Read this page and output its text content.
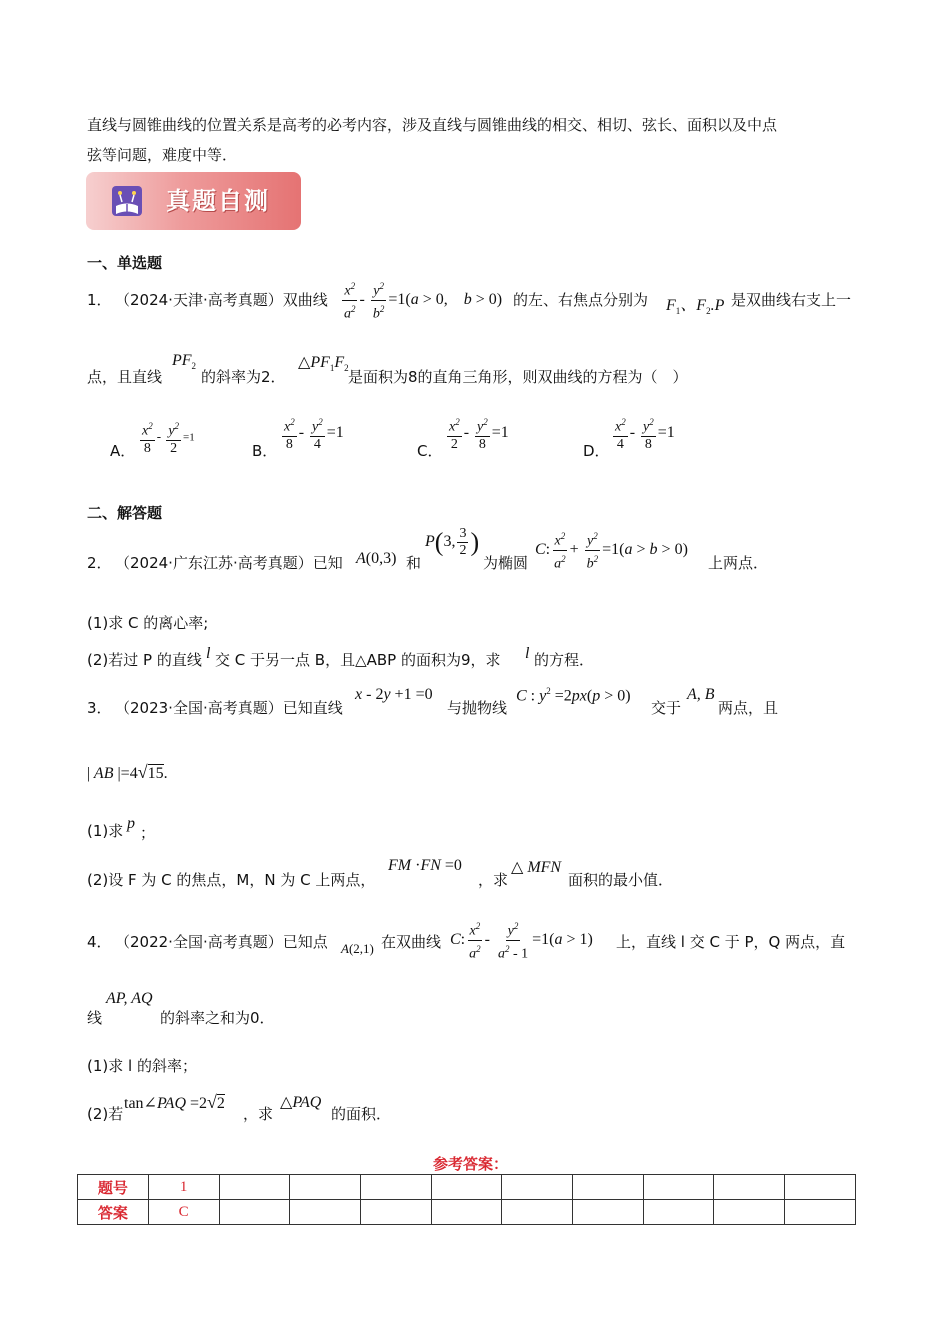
直线与圆锥曲线的位置关系是高考的必考内容，涉及直线与圆锥曲线的相交、相切、弦长、面积以及中点
弦等问题，难度中等．
真题自测
一、单选题
1． （2024·天津·高考真题）双曲线 $\frac{x^2}{a^2} - \frac{y^2}{b^2} =1(a > 0$,　b > 0) 的左、右焦点分别为 $F_1$、$F_2.P$ 是双曲线右支上一
点，且直线
$PF_2$
的斜率为2．
$\triangle PF_1F_2$ 是面积为8的直角三角形，则双曲线的方程为（　）
A． $\frac{x^2}{8} - \frac{y^2}{2} =1$
B． $\frac{x^2}{8} - \frac{y^2}{4} =1$
C． $\frac{x^2}{2} - \frac{y^2}{8} =1$
D． $\frac{x^2}{4} - \frac{y^2}{8} =1$
二、解答题
2． （2024·广东江苏·高考真题）已知 A(0,3) 和
P(3, $\frac{3}{2}$ )
为椭圆
C: $\frac{x^2}{a^2} + \frac{y^2}{b^2} =1(a > b > 0)$
上两点．
(1)求 C 的离心率;
(2)若过 P 的直线 l 交 C 于另一点 B，且△ABP 的面积为9，求 l 的方程．
3． （2023·全国·高考真题）已知直线
x - 2y +1 =0
与抛物线
C : $y^2 =2px(p > 0)$
交于
A, B
两点，且
| AB |=4√15.
(1)求 p
；
(2)设 F 为 C 的焦点，M，N 为 C 上两点，
FM ·FN =0
，求
△ MFN
面积的最小值．
4． （2022·全国·高考真题）已知点 A(2,1) 在双曲线 C: $\frac{x^2}{a^2} - \frac{y^2}{a^2 - 1} =1(a > 1)$ 上，直线 l 交 C 于 P，Q 两点，直
线
AP, AQ
的斜率之和为0．
(1)求 l 的斜率；
(2)若
tan∠PAQ =2√2
，求
△PAQ
的面积．
参考答案：
题号	1									
答案	C									
